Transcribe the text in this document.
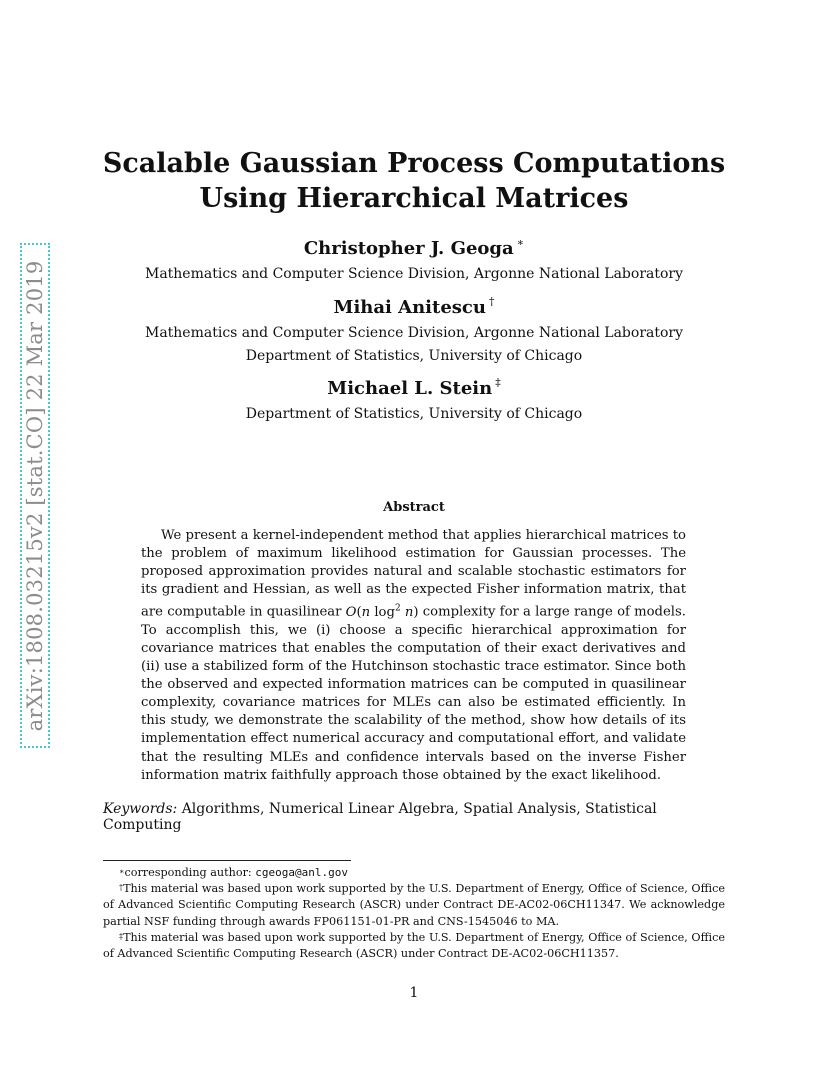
arXiv:1808.03215v2 [stat.CO] 22 Mar 2019
Scalable Gaussian Process Computations
Using Hierarchical Matrices
Christopher J. Geoga ∗
Mathematics and Computer Science Division, Argonne National Laboratory
Mihai Anitescu †
Mathematics and Computer Science Division, Argonne National Laboratory
Department of Statistics, University of Chicago
Michael L. Stein ‡
Department of Statistics, University of Chicago
Abstract
We present a kernel-independent method that applies hierarchical matrices to the problem of maximum likelihood estimation for Gaussian processes. The proposed approximation provides natural and scalable stochastic estimators for its gradient and Hessian, as well as the expected Fisher information matrix, that are computable in quasilinear O(n $\log^2 n$) complexity for a large range of models. To accomplish this, we (i) choose a specific hierarchical approximation for covariance matrices that enables the computation of their exact derivatives and (ii) use a stabilized form of the Hutchinson stochastic trace estimator. Since both the observed and expected information matrices can be computed in quasilinear complexity, covariance matrices for MLEs can also be estimated efficiently. In this study, we demonstrate the scalability of the method, show how details of its implementation effect numerical accuracy and computational effort, and validate that the resulting MLEs and confidence intervals based on the inverse Fisher information matrix faithfully approach those obtained by the exact likelihood.
Keywords: Algorithms, Numerical Linear Algebra, Spatial Analysis, Statistical Computing

∗corresponding author: cgeoga@anl.gov

†This material was based upon work supported by the U.S. Department of Energy, Office of Science, Office of Advanced Scientific Computing Research (ASCR) under Contract DE-AC02-06CH11347. We acknowledge partial NSF funding through awards FP061151-01-PR and CNS-1545046 to MA.

‡This material was based upon work supported by the U.S. Department of Energy, Office of Science, Office of Advanced Scientific Computing Research (ASCR) under Contract DE-AC02-06CH11357.

1
